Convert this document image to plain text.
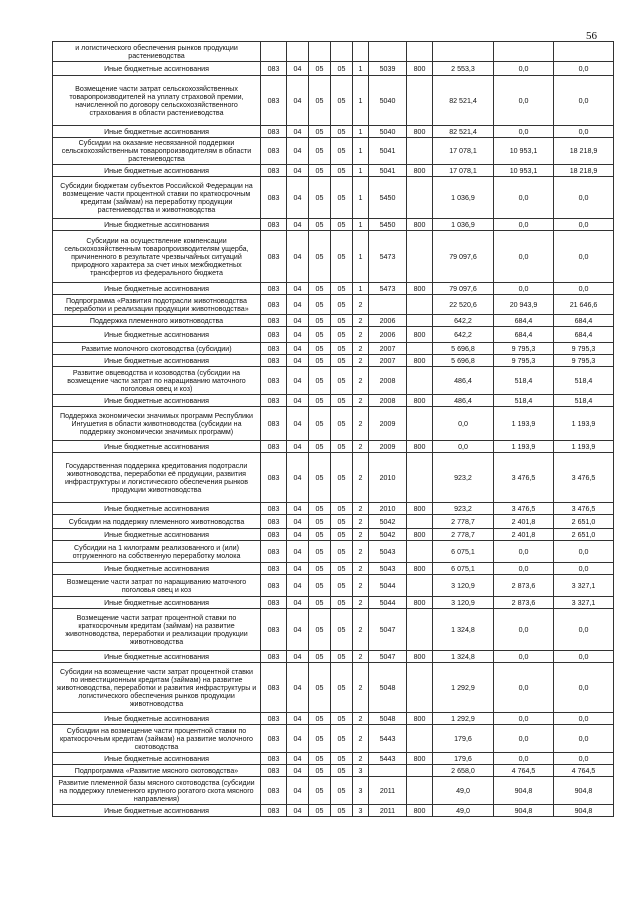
56
и логистического обеспечения рынков продукции растениеводства										
Иные бюджетные ассигнования	083	04	05	05	1	5039	800	2 553,3	0,0	0,0
Возмещение части затрат сельскохозяйственных товаропроизводителей на уплату страховой премии, начисленной по договору сельскохозяйственного страхования в области растениеводства	083	04	05	05	1	5040		82 521,4	0,0	0,0
Иные бюджетные ассигнования	083	04	05	05	1	5040	800	82 521,4	0,0	0,0
Субсидии на оказание несвязанной поддержки сельскохозяйственным товаропроизводителям в области растениеводства	083	04	05	05	1	5041		17 078,1	10 953,1	18 218,9
Иные бюджетные ассигнования	083	04	05	05	1	5041	800	17 078,1	10 953,1	18 218,9
Субсидии бюджетам субъектов Российской Федерации на возмещение части процентной ставки по краткосрочным кредитам (займам) на переработку продукции растениеводства и животноводства	083	04	05	05	1	5450		1 036,9	0,0	0,0
Иные бюджетные ассигнования	083	04	05	05	1	5450	800	1 036,9	0,0	0,0
Субсидии на осуществление компенсации сельскохозяйственным товаропроизводителям ущерба, причиненного в результате чрезвычайных ситуаций природного характера за счет иных межбюджетных трансфертов из федерального бюджета	083	04	05	05	1	5473		79 097,6	0,0	0,0
Иные бюджетные ассигнования	083	04	05	05	1	5473	800	79 097,6	0,0	0,0
Подпрограмма «Развития подотрасли животноводства переработки и реализации продукции животноводства»	083	04	05	05	2			22 520,6	20 943,9	21 646,6
Поддержка племенного животноводства	083	04	05	05	2	2006		642,2	684,4	684,4
Иные бюджетные ассигнования	083	04	05	05	2	2006	800	642,2	684,4	684,4
Развитие молочного скотоводства (субсидии)	083	04	05	05	2	2007		5 696,8	9 795,3	9 795,3
Иные бюджетные ассигнования	083	04	05	05	2	2007	800	5 696,8	9 795,3	9 795,3
Развитие овцеводства и козоводства (субсидии на возмещение части затрат по наращиванию маточного поголовья овец и коз)	083	04	05	05	2	2008		486,4	518,4	518,4
Иные бюджетные ассигнования	083	04	05	05	2	2008	800	486,4	518,4	518,4
Поддержка экономически значимых программ Республики Ингушетия в области животноводства (субсидии на поддержку экономически значимых программ)	083	04	05	05	2	2009		0,0	1 193,9	1 193,9
Иные бюджетные ассигнования	083	04	05	05	2	2009	800	0,0	1 193,9	1 193,9
Государственная поддержка кредитования подотрасли животноводства, переработки её продукции, развития инфраструктуры и логистического обеспечения рынков продукции животноводства	083	04	05	05	2	2010		923,2	3 476,5	3 476,5
Иные бюджетные ассигнования	083	04	05	05	2	2010	800	923,2	3 476,5	3 476,5
Субсидии на поддержку племенного животноводства	083	04	05	05	2	5042		2 778,7	2 401,8	2 651,0
Иные бюджетные ассигнования	083	04	05	05	2	5042	800	2 778,7	2 401,8	2 651,0
Субсидии на 1 килограмм реализованного и (или) отгруженного на собственную переработку молока	083	04	05	05	2	5043		6 075,1	0,0	0,0
Иные бюджетные ассигнования	083	04	05	05	2	5043	800	6 075,1	0,0	0,0
Возмещение части затрат по наращиванию маточного поголовья овец и коз	083	04	05	05	2	5044		3 120,9	2 873,6	3 327,1
Иные бюджетные ассигнования	083	04	05	05	2	5044	800	3 120,9	2 873,6	3 327,1
Возмещение части затрат процентной ставки по краткосрочным кредитам (займам) на развитие животноводства, переработки и реализации продукции животноводства	083	04	05	05	2	5047		1 324,8	0,0	0,0
Иные бюджетные ассигнования	083	04	05	05	2	5047	800	1 324,8	0,0	0,0
Субсидии на возмещение части затрат процентной ставки по инвестиционным кредитам (займам) на развитие животноводства, переработки и развития инфраструктуры и логистического обеспечения рынков продукции животноводства	083	04	05	05	2	5048		1 292,9	0,0	0,0
Иные бюджетные ассигнования	083	04	05	05	2	5048	800	1 292,9	0,0	0,0
Субсидии на возмещение части процентной ставки по краткосрочным кредитам (займам) на развитие молочного скотоводства	083	04	05	05	2	5443		179,6	0,0	0,0
Иные бюджетные ассигнования	083	04	05	05	2	5443	800	179,6	0,0	0,0
Подпрограмма «Развитие мясного скотоводства»	083	04	05	05	3			2 658,0	4 764,5	4 764,5
Развитие племенной базы мясного скотоводства (субсидии на поддержку племенного крупного рогатого скота мясного направления)	083	04	05	05	3	2011		49,0	904,8	904,8
Иные бюджетные ассигнования	083	04	05	05	3	2011	800	49,0	904,8	904,8
